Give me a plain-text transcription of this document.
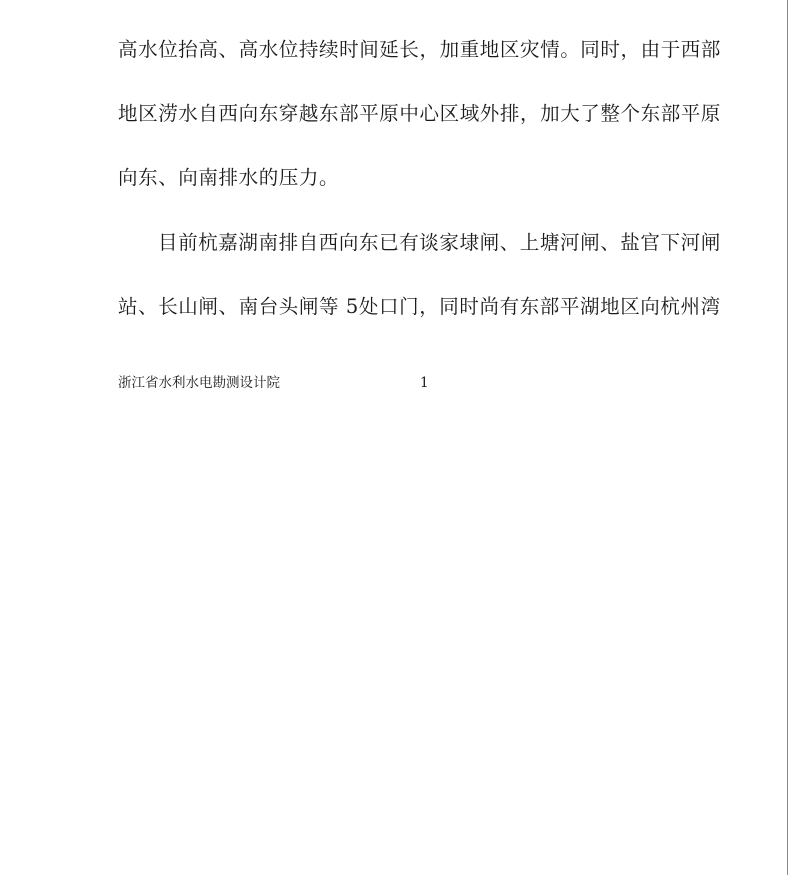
高水位抬高、高水位持续时间延长，加重地区灾情。同时，由于西部
地区涝水自西向东穿越东部平原中心区域外排，加大了整个东部平原
向东、向南排水的压力。
目前杭嘉湖南排自西向东已有谈家埭闸、上塘河闸、盐官下河闸
站、长山闸、南台头闸等 5处口门，同时尚有东部平湖地区向杭州湾
浙江省水利水电勘测设计院	1
